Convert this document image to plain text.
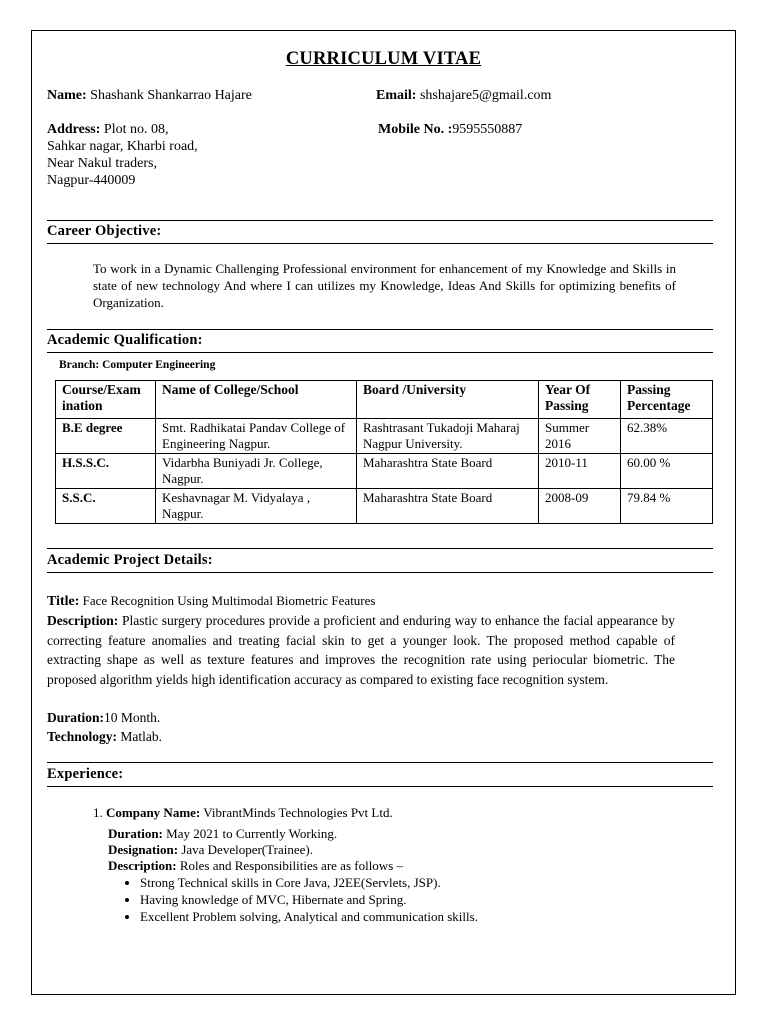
CURRICULUM VITAE
Name: Shashank Shankarrao Hajare	Email: shshajare5@gmail.com
Address: Plot no. 08,
Sahkar nagar, Kharbi road,
Near Nakul traders,
Nagpur-440009
Mobile No. :9595550887
Career Objective:
To work in a Dynamic Challenging Professional environment for enhancement of my Knowledge and Skills in state of new technology And where I can utilizes my Knowledge, Ideas And Skills for optimizing benefits of Organization.
Academic Qualification:
Branch: Computer Engineering
Course/Exam ination	Name of College/School	Board /University	Year Of Passing	Passing Percentage
B.E degree	Smt. Radhikatai Pandav College of Engineering Nagpur.	Rashtrasant Tukadoji Maharaj Nagpur University.	Summer 2016	62.38%
H.S.S.C.	Vidarbha Buniyadi Jr. College, Nagpur.	Maharashtra State Board	2010-11	60.00 %
S.S.C.	Keshavnagar M. Vidyalaya , Nagpur.	Maharashtra State Board	2008-09	79.84 %
Academic Project Details:
Title: Face Recognition Using Multimodal Biometric Features
Description: Plastic surgery procedures provide a proficient and enduring way to enhance the facial appearance by correcting feature anomalies and treating facial skin to get a younger look. The proposed method capable of extracting shape as well as texture features and improves the recognition rate using periocular biometric. The proposed algorithm yields high identification accuracy as compared to existing face recognition system.
Duration:10 Month.
Technology: Matlab.
Experience:
1. Company Name: VibrantMinds Technologies Pvt Ltd.
Duration: May 2021 to Currently Working.
Designation: Java Developer(Trainee).
Description: Roles and Responsibilities are as follows –
• Strong Technical skills in Core Java, J2EE(Servlets, JSP).
• Having knowledge of MVC, Hibernate and Spring.
• Excellent Problem solving, Analytical and communication skills.
